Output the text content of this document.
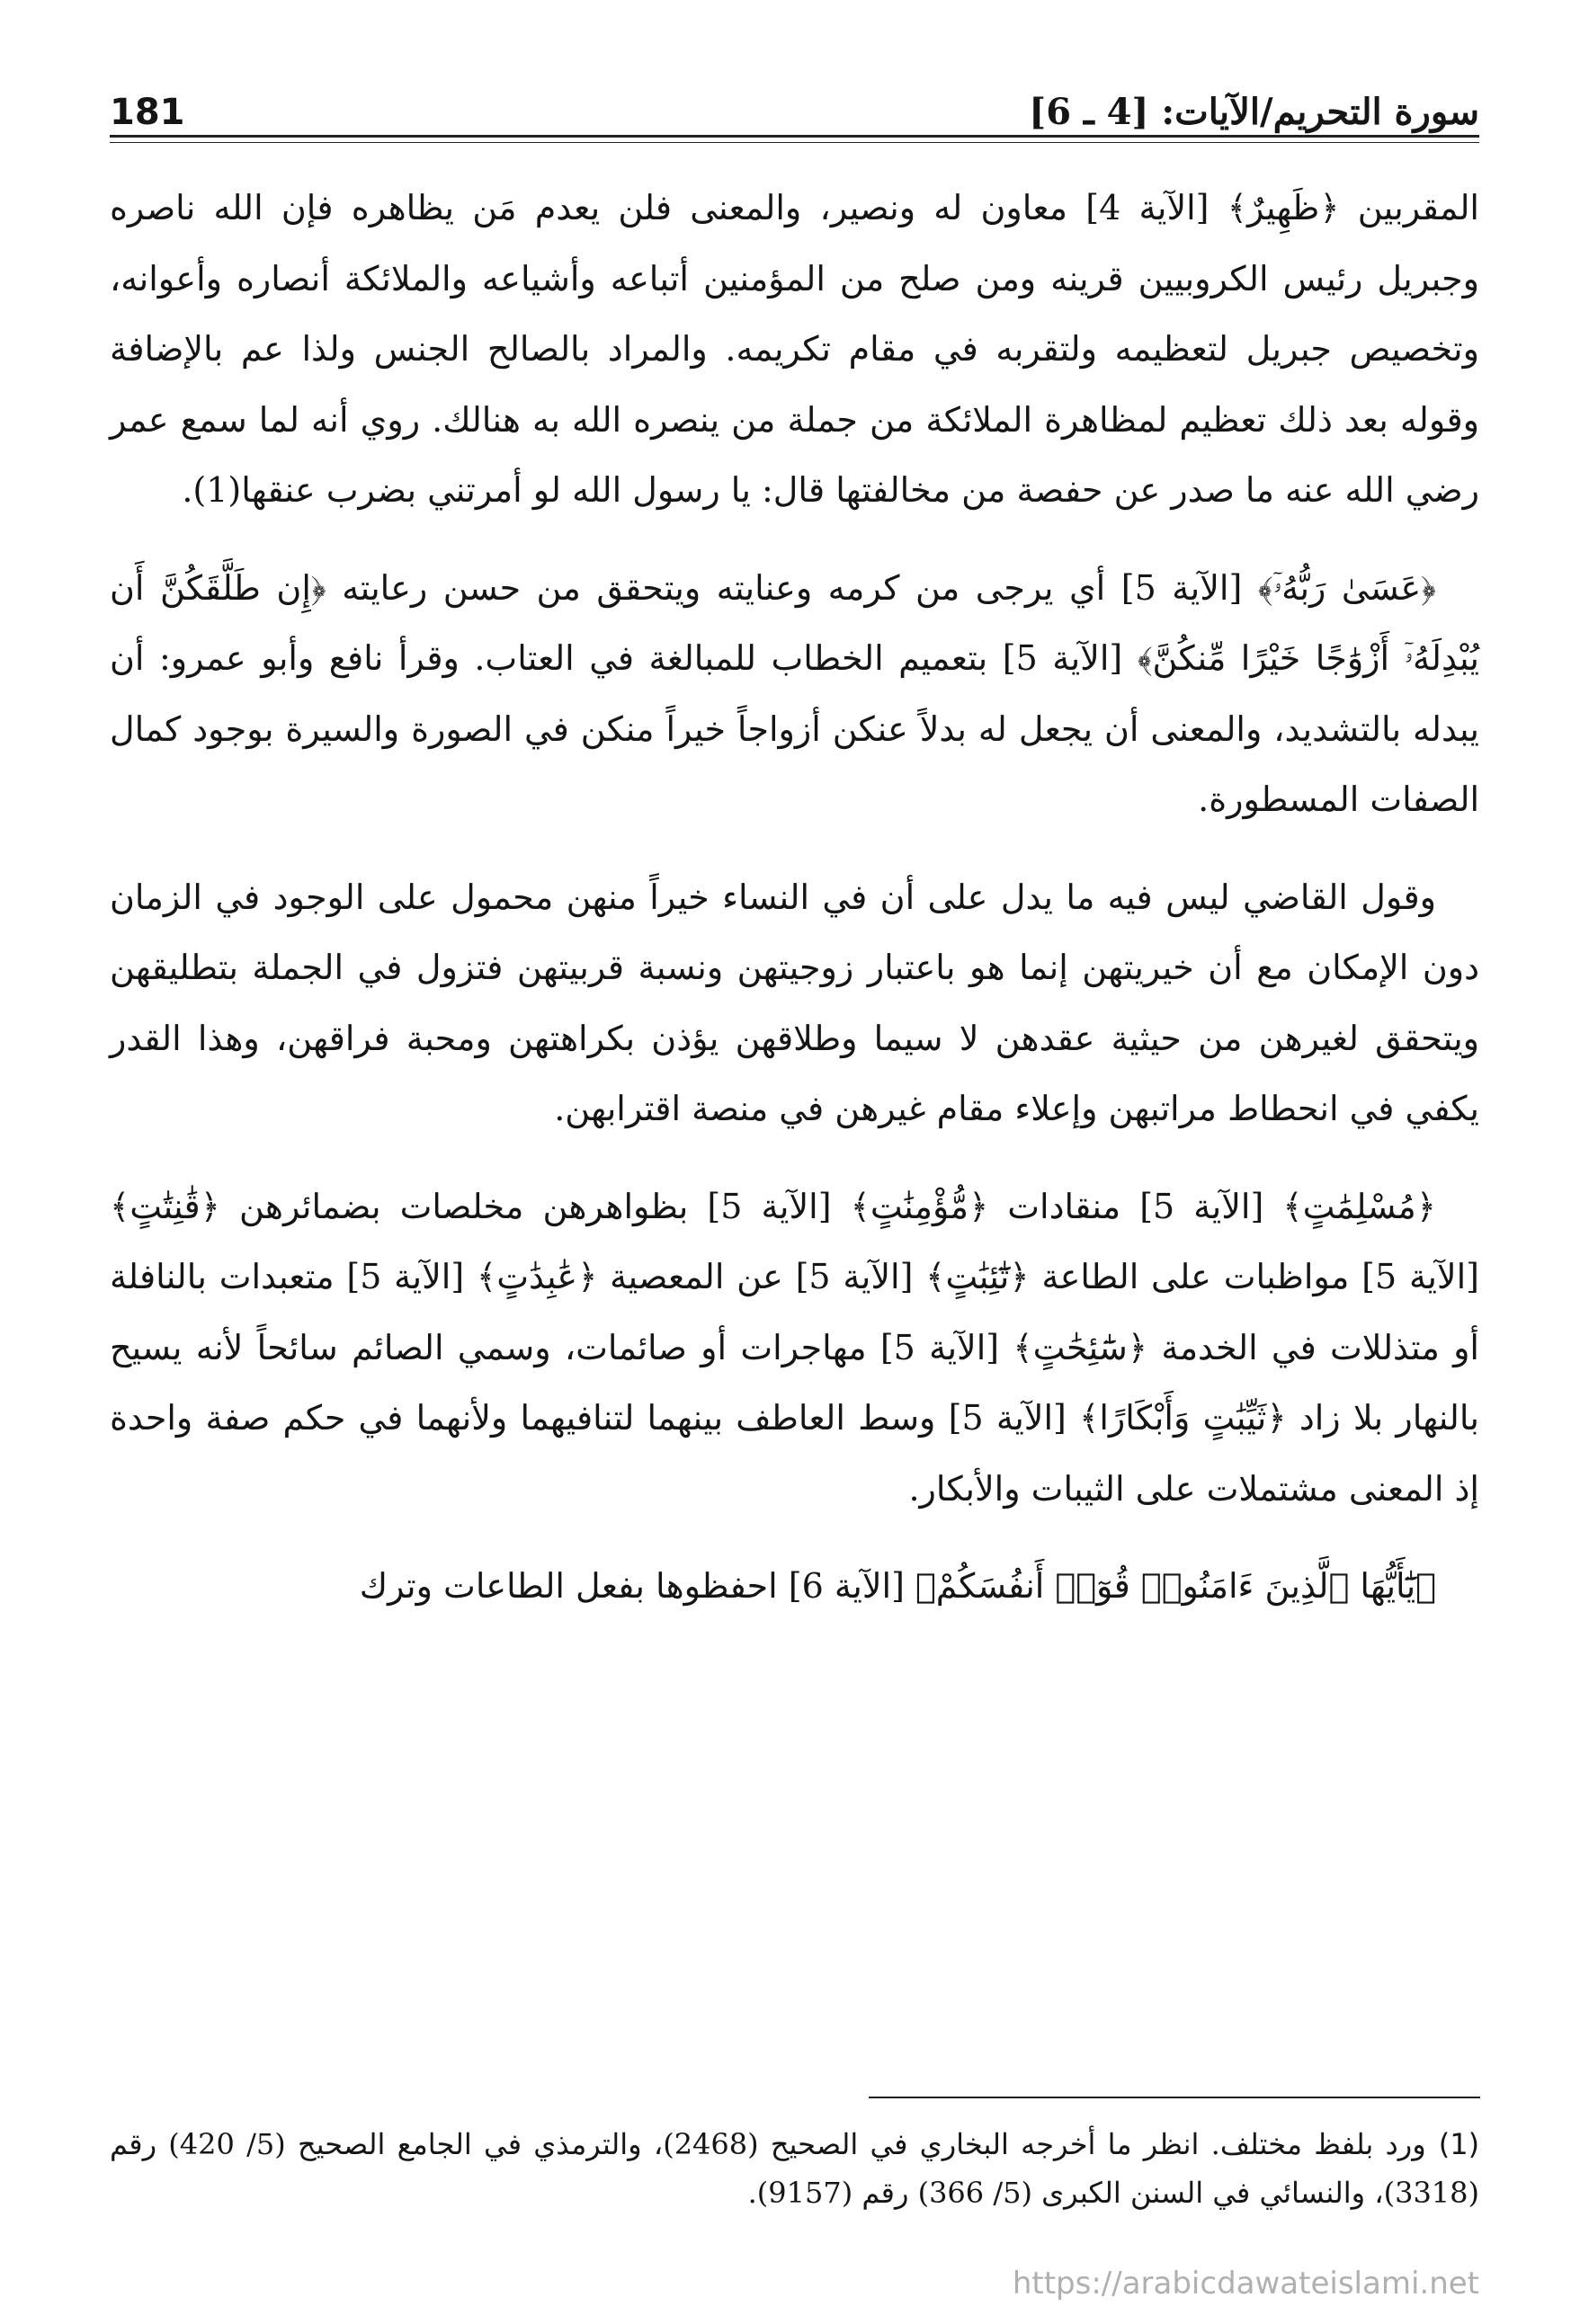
سورة التحريم/الآيات: [4 ـ 6]
181

المقربين ﴿ظَهِيرٌ﴾ [الآية 4] معاون له ونصير، والمعنى فلن يعدم مَن يظاهره فإن الله ناصره وجبريل رئيس الكروبيين قرينه ومن صلح من المؤمنين أتباعه وأشياعه والملائكة أنصاره وأعوانه، وتخصيص جبريل لتعظيمه ولتقربه في مقام تكريمه. والمراد بالصالح الجنس ولذا عم بالإضافة وقوله بعد ذلك تعظيم لمظاهرة الملائكة من جملة من ينصره الله به هنالك. روي أنه لما سمع عمر رضي الله عنه ما صدر عن حفصة من مخالفتها قال: يا رسول الله لو أمرتني بضرب عنقها(1).

﴿عَسَىٰ رَبُّهُۥٓ﴾ [الآية 5] أي يرجى من كرمه وعنايته ويتحقق من حسن رعايته ﴿إِن طَلَّقَكُنَّ أَن يُبْدِلَهُۥٓ أَزْوَٰجًا خَيْرًا مِّنكُنَّ﴾ [الآية 5] بتعميم الخطاب للمبالغة في العتاب. وقرأ نافع وأبو عمرو: أن يبدله بالتشديد، والمعنى أن يجعل له بدلاً عنكن أزواجاً خيراً منكن في الصورة والسيرة بوجود كمال الصفات المسطورة.

وقول القاضي ليس فيه ما يدل على أن في النساء خيراً منهن محمول على الوجود في الزمان دون الإمكان مع أن خيريتهن إنما هو باعتبار زوجيتهن ونسبة قربيتهن فتزول في الجملة بتطليقهن ويتحقق لغيرهن من حيثية عقدهن لا سيما وطلاقهن يؤذن بكراهتهن ومحبة فراقهن، وهذا القدر يكفي في انحطاط مراتبهن وإعلاء مقام غيرهن في منصة اقترابهن.

﴿مُسْلِمَٰتٍ﴾ [الآية 5] منقادات ﴿مُّؤْمِنَٰتٍ﴾ [الآية 5] بظواهرهن مخلصات بضمائرهن ﴿قَٰنِتَٰتٍ﴾ [الآية 5] مواظبات على الطاعة ﴿تَٰٓئِبَٰتٍ﴾ [الآية 5] عن المعصية ﴿عَٰبِدَٰتٍ﴾ [الآية 5] متعبدات بالنافلة أو متذللات في الخدمة ﴿سَٰٓئِحَٰتٍ﴾ [الآية 5] مهاجرات أو صائمات، وسمي الصائم سائحاً لأنه يسيح بالنهار بلا زاد ﴿ثَيِّبَٰتٍ وَأَبْكَارًا﴾ [الآية 5] وسط العاطف بينهما لتنافيهما ولأنهما في حكم صفة واحدة إذ المعنى مشتملات على الثيبات والأبكار.

﴿يَٰٓأَيُّهَا ٱلَّذِينَ ءَامَنُوا۟ قُوٓا۟ أَنفُسَكُمْ﴾ [الآية 6] احفظوها بفعل الطاعات وترك

(1)ورد بلفظ مختلف. انظر ما أخرجه البخاري في الصحيح (2468)، والترمذي في الجامع الصحيح (5/ 420) رقم (3318)، والنسائي في السنن الكبرى (5/ 366) رقم (9157).
https://arabicdawateislami.net
